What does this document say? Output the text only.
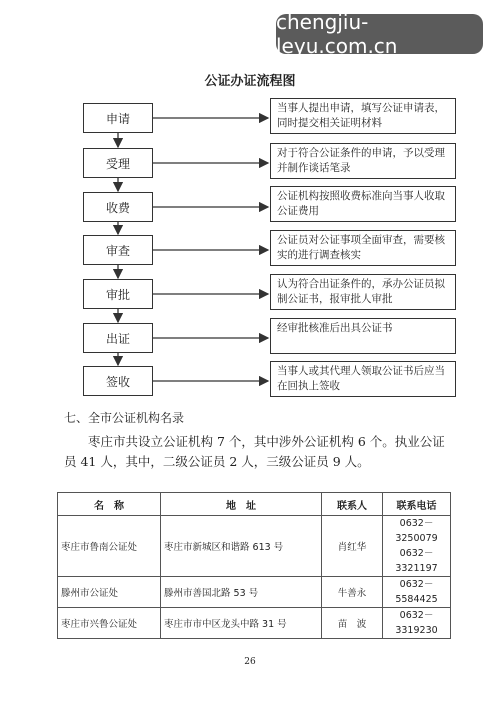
chengjiu-leyu.com.cn
公证办证流程图
申请
当事人提出申请，填写公证申请表，同时提交相关证明材料
受理
对于符合公证条件的申请，予以受理并制作谈话笔录
收费
公证机构按照收费标准向当事人收取公证费用
审查
公证员对公证事项全面审查，需要核实的进行调查核实
审批
认为符合出证条件的，承办公证员拟制公证书，报审批人审批
出证
经审批核准后出具公证书
签收
当事人或其代理人领取公证书后应当在回执上签收
七、全市公证机构名录
枣庄市共设立公证机构 7 个，其中涉外公证机构 6 个。执业公证员 41 人，其中，二级公证员 2 人，三级公证员 9 人。
名　称	地　址	联系人	联系电话
枣庄市鲁南公证处	枣庄市新城区和谐路 613 号	肖红华	0632－3250079
0632－3321197

滕州市公证处	滕州市善国北路 53 号	牛善永	0632－5584425

枣庄市兴鲁公证处	枣庄市市中区龙头中路 31 号	苗　波	0632－3319230
26
